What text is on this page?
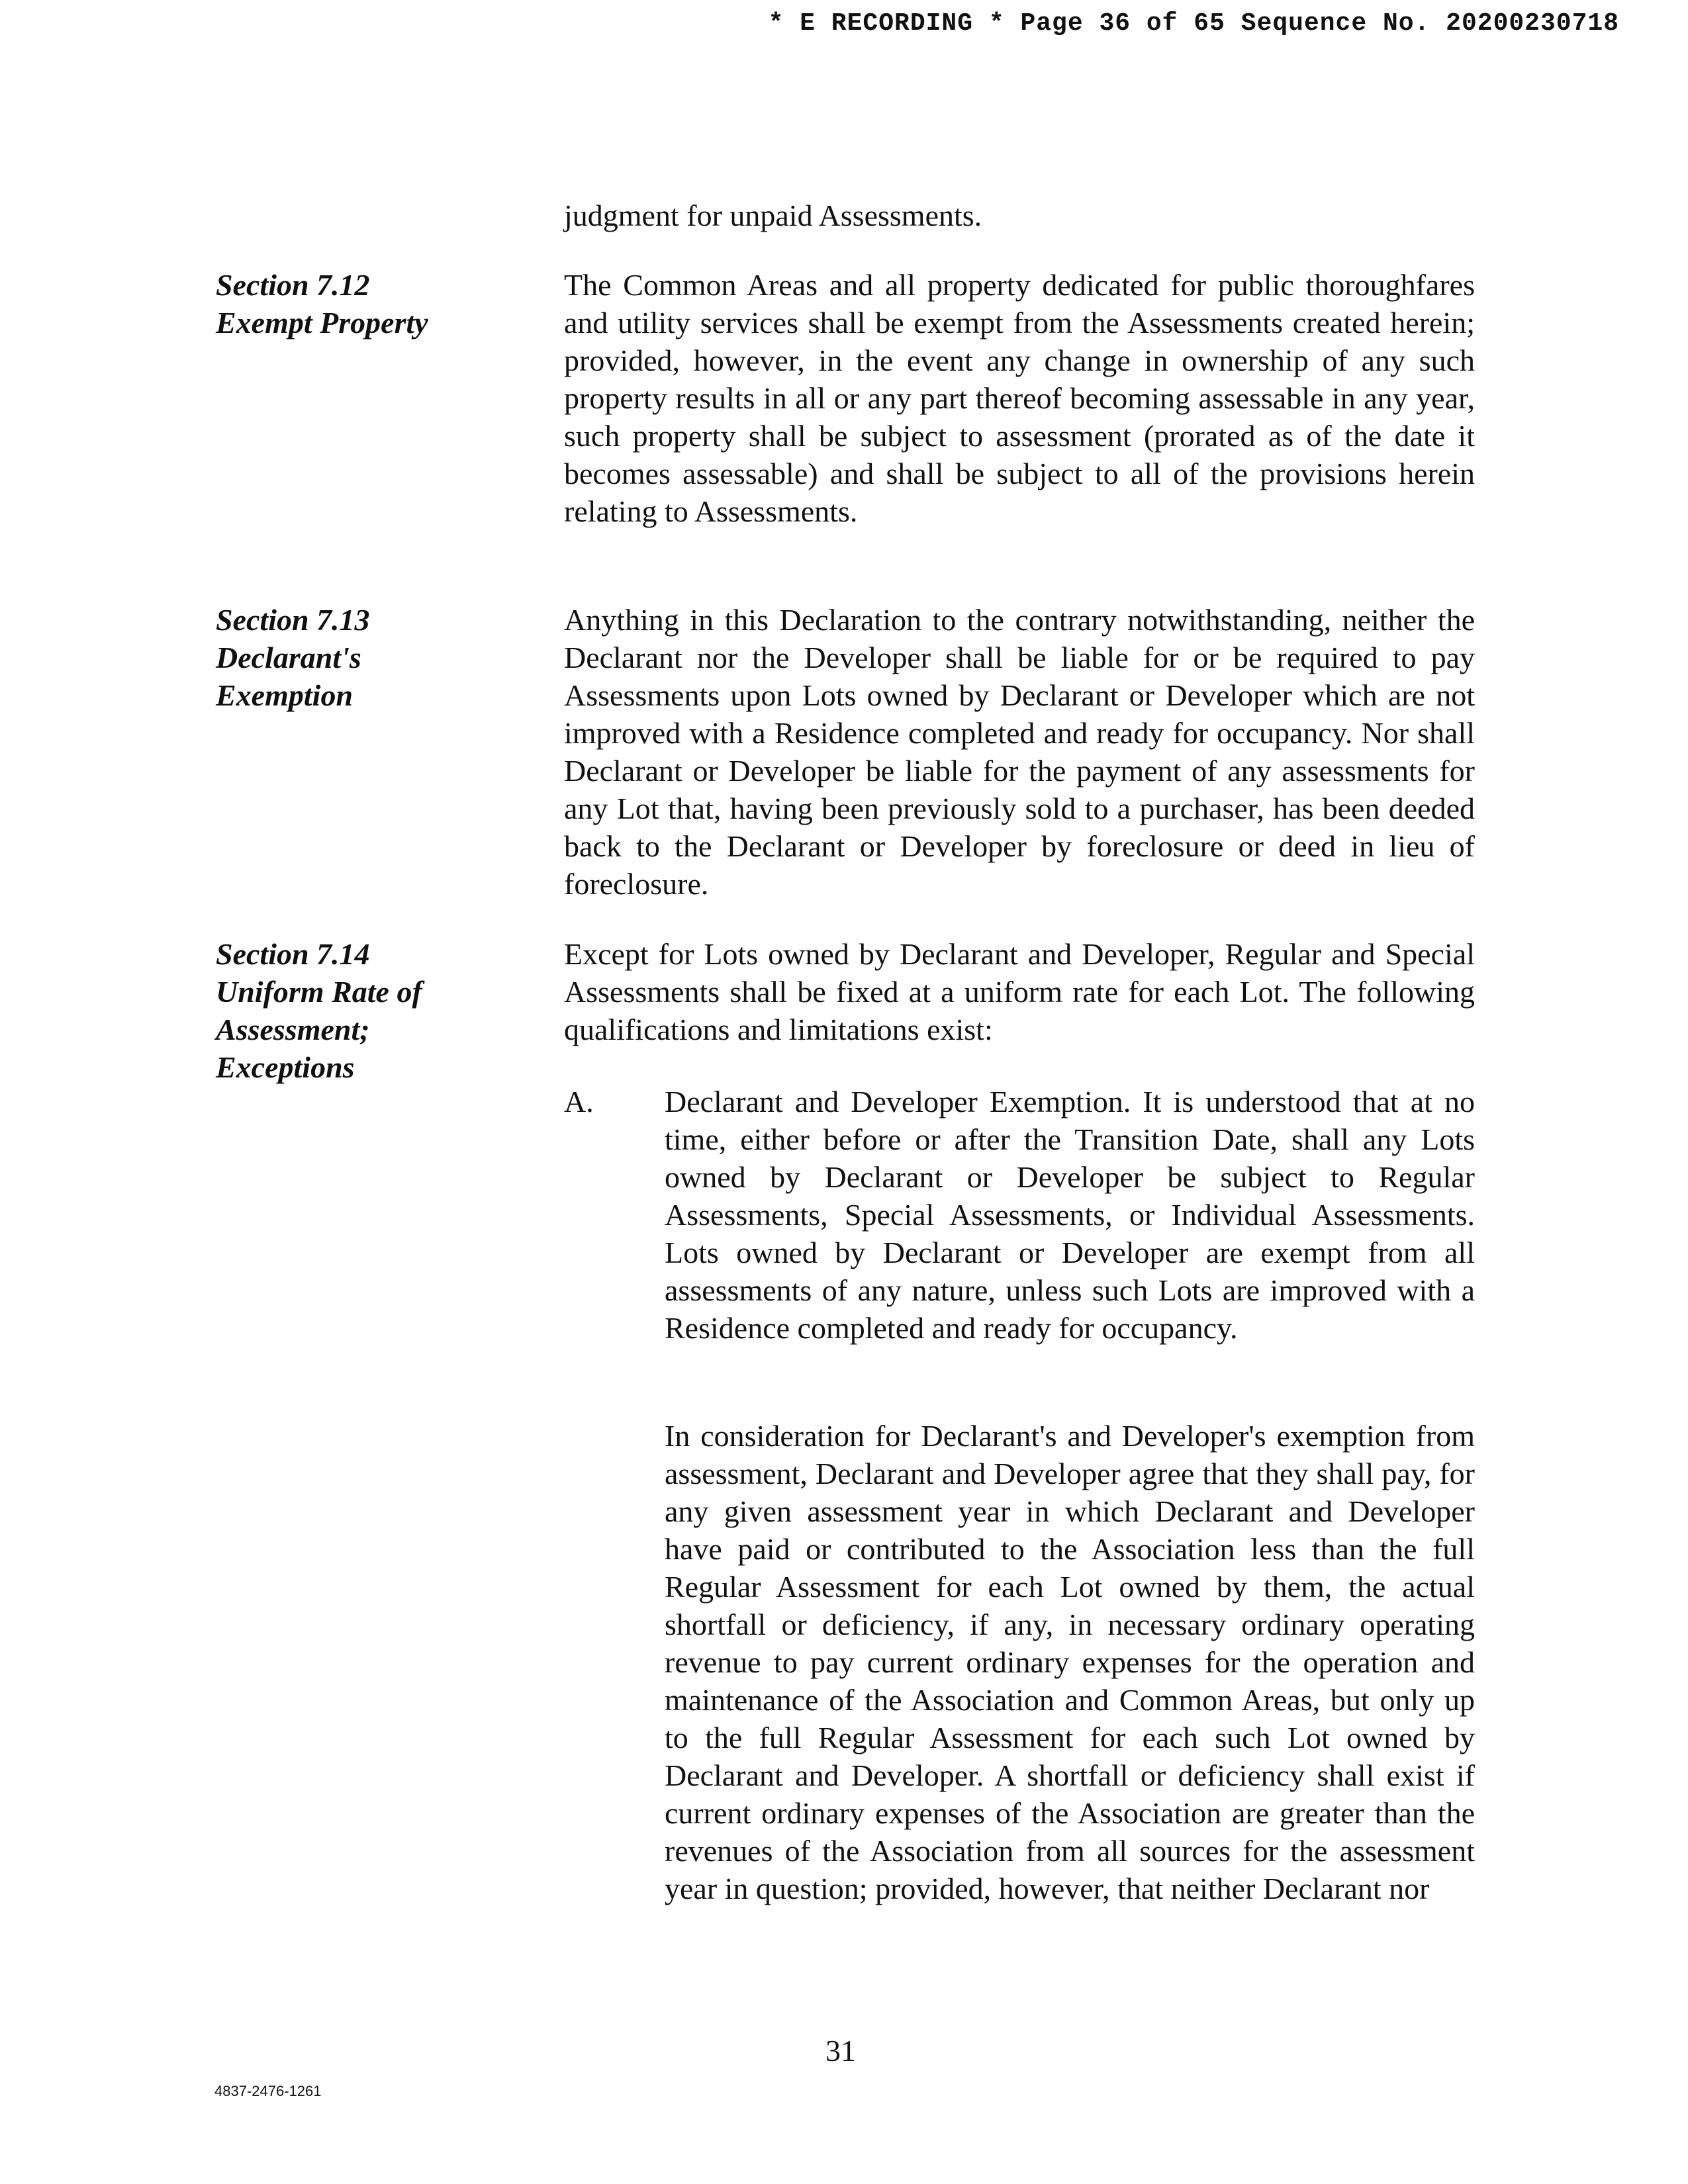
* E RECORDING * Page 36 of 65 Sequence No. 20200230718
judgment for unpaid Assessments.
Section 7.12
Exempt Property
The Common Areas and all property dedicated for public thoroughfares and utility services shall be exempt from the Assessments created herein; provided, however, in the event any change in ownership of any such property results in all or any part thereof becoming assessable in any year, such property shall be subject to assessment (prorated as of the date it becomes assessable) and shall be subject to all of the provisions herein relating to Assessments.
Section 7.13
Declarant's
Exemption
Anything in this Declaration to the contrary notwithstanding, neither the Declarant nor the Developer shall be liable for or be required to pay Assessments upon Lots owned by Declarant or Developer which are not improved with a Residence completed and ready for occupancy. Nor shall Declarant or Developer be liable for the payment of any assessments for any Lot that, having been previously sold to a purchaser, has been deeded back to the Declarant or Developer by foreclosure or deed in lieu of foreclosure.
Section 7.14
Uniform Rate of
Assessment;
Exceptions
Except for Lots owned by Declarant and Developer, Regular and Special Assessments shall be fixed at a uniform rate for each Lot. The following qualifications and limitations exist:
A. Declarant and Developer Exemption. It is understood that at no time, either before or after the Transition Date, shall any Lots owned by Declarant or Developer be subject to Regular Assessments, Special Assessments, or Individual Assessments. Lots owned by Declarant or Developer are exempt from all assessments of any nature, unless such Lots are improved with a Residence completed and ready for occupancy.
In consideration for Declarant's and Developer's exemption from assessment, Declarant and Developer agree that they shall pay, for any given assessment year in which Declarant and Developer have paid or contributed to the Association less than the full Regular Assessment for each Lot owned by them, the actual shortfall or deficiency, if any, in necessary ordinary operating revenue to pay current ordinary expenses for the operation and maintenance of the Association and Common Areas, but only up to the full Regular Assessment for each such Lot owned by Declarant and Developer. A shortfall or deficiency shall exist if current ordinary expenses of the Association are greater than the revenues of the Association from all sources for the assessment year in question; provided, however, that neither Declarant nor
31
4837-2476-1261
